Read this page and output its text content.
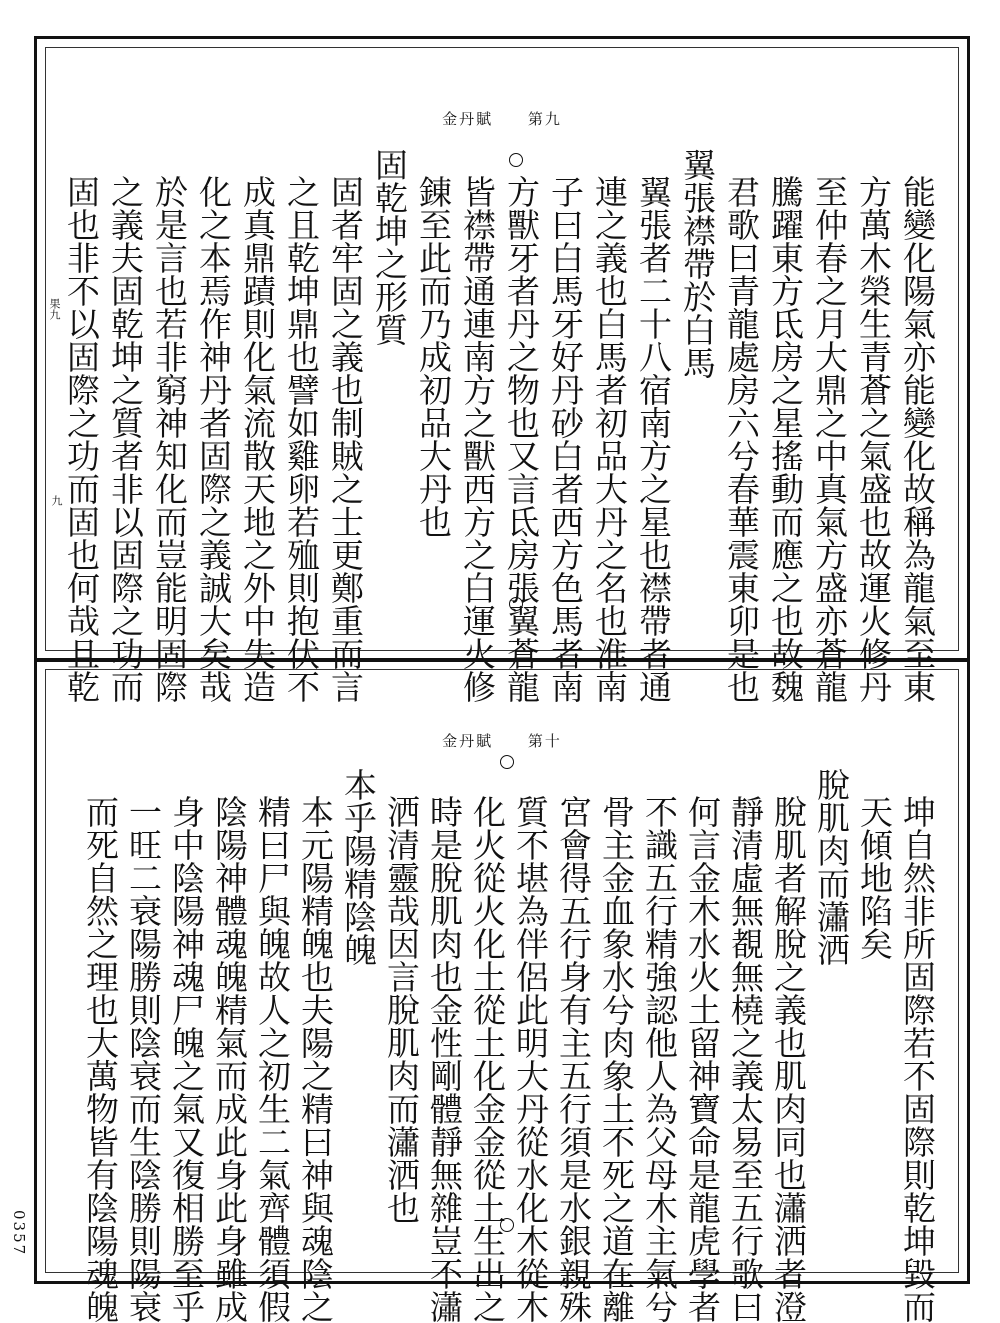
金丹賦 第九
金丹賦 第十
果九
九
0357
能變化陽氣亦能變化故稱為龍氣至東
方萬木榮生青蒼之氣盛也故運火修丹
至仲春之月大鼎之中真氣方盛亦蒼龍
騰躍東方氐房之星搖動而應之也故魏
君歌曰青龍處房六兮春華震東卯是也
翼張襟帶於白馬
翼張者二十八宿南方之星也襟帶者通
連之義也白馬者初品大丹之名也淮南
子曰白馬牙好丹砂白者西方色馬者南
方獸牙者丹之物也又言氐房張翼蒼龍
皆襟帶通連南方之獸西方之白運火修
錬至此而乃成初品大丹也
固乾坤之形質
固者牢固之義也制賊之士更鄭重而言
之且乾坤鼎也譬如雞卵若殈則抱伏不
成真鼎蹟則化氣流散天地之外中失造
化之本焉作神丹者固際之義誠大矣哉
於是言也若非窮神知化而豈能明固際
之義夫固乾坤之質者非以固際之功而
固也非不以固際之功而固也何哉且乾
坤自然非所固際若不固際則乾坤毀而
天傾地陷矣
脫肌肉而瀟洒
脫肌者解脫之義也肌肉同也瀟洒者澄
靜清虛無覩無橈之義太易至五行歌曰
何言金木水火土留神寶命是龍虎學者
不識五行精強認他人為父母木主氣兮
骨主金血象水兮肉象土不死之道在離
宮會得五行身有主五行須是水銀親殊
質不堪為伴侶此明大丹從水化木從木
化火從火化土從土化金金從土生出之
時是脫肌肉也金性剛體靜無雜豈不瀟
洒清靈哉因言脫肌肉而瀟洒也
本乎陽精陰魄
本元陽精魄也夫陽之精曰神與魂陰之
精曰尸與魄故人之初生二氣齊體須假
陰陽神體魂魄精氣而成此身此身雖成
身中陰陽神魂尸魄之氣又復相勝至乎
一旺二衰陽勝則陰衰而生陰勝則陽衰
而死自然之理也大萬物皆有陰陽魂魄
